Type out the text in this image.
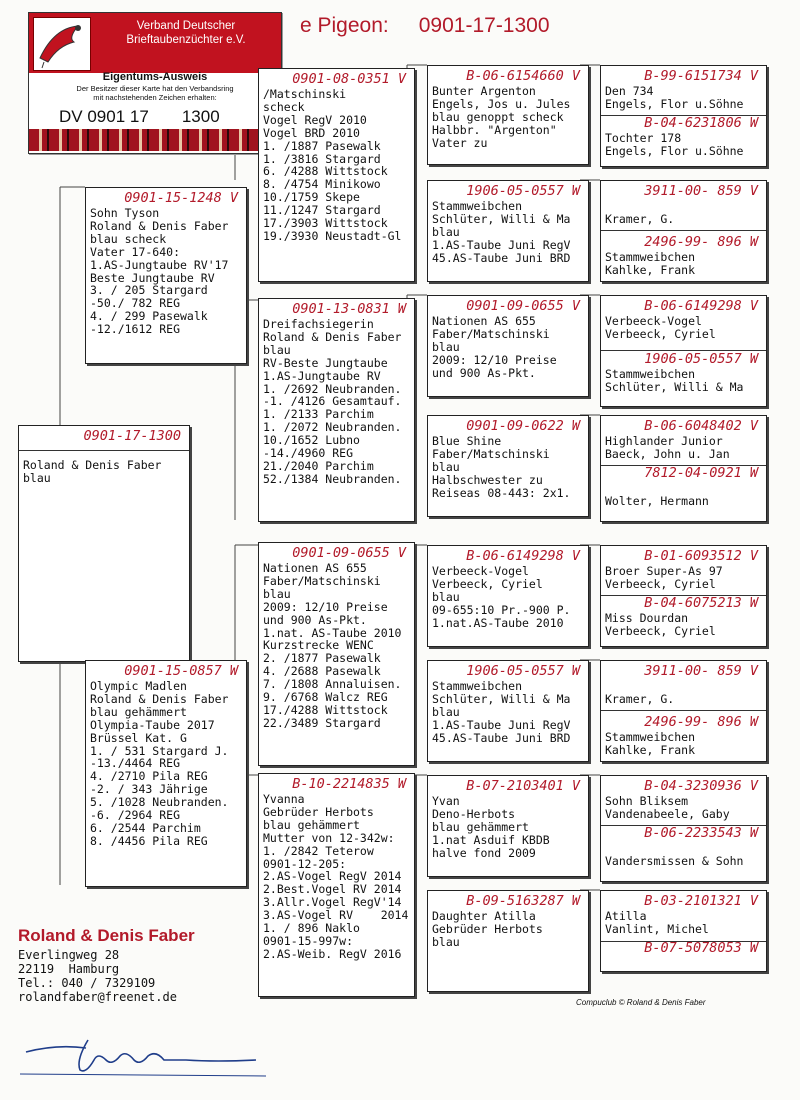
e Pigeon: 0901-17-1300
Verband Deutscher
Brieftaubenzüchter e.V.
Eigentums-Ausweis
Der Besitzer dieser Karte hat den Verbandsring
mit nachstehenden Zeichen erhalten:
DV 0901 17       1300
0901-17-1300
Roland & Denis Faber
blau
0901-15-1248 V
Sohn Tyson
Roland & Denis Faber
blau scheck
Vater 17-640:
1.AS-Jungtaube RV'17
Beste Jungtaube RV
3. / 205 Stargard
-50./ 782 REG
4. / 299 Pasewalk
-12./1612 REG
0901-15-0857 W
Olympic Madlen
Roland & Denis Faber
blau gehämmert
Olympia-Taube 2017
Brüssel Kat. G
1. / 531 Stargard J.
-13./4464 REG
4. /2710 Pila REG
-2. / 343 Jährige
5. /1028 Neubranden.
-6. /2964 REG
6. /2544 Parchim
8. /4456 Pila REG
0901-08-0351 V
/Matschinski
scheck
Vogel RegV 2010
Vogel BRD 2010
1. /1887 Pasewalk
1. /3816 Stargard
6. /4288 Wittstock
8. /4754 Minikowo
10./1759 Skepe
11./1247 Stargard
17./3903 Wittstock
19./3930 Neustadt-Gl
0901-13-0831 W
Dreifachsiegerin
Roland & Denis Faber
blau
RV-Beste Jungtaube
1.AS-Jungtaube RV
1. /2692 Neubranden.
-1. /4126 Gesamtauf.
1. /2133 Parchim
1. /2072 Neubranden.
10./1652 Lubno
-14./4960 REG
21./2040 Parchim
52./1384 Neubranden.
0901-09-0655 V
Nationen AS 655
Faber/Matschinski
blau
2009: 12/10 Preise
und 900 As-Pkt.
1.nat. AS-Taube 2010
Kurzstrecke WENC
2. /1877 Pasewalk
4. /2688 Pasewalk
7. /1808 Annaluisen.
9. /6768 Walcz REG
17./4288 Wittstock
22./3489 Stargard
B-10-2214835 W
Yvanna
Gebrüder Herbots
blau gehämmert
Mutter von 12-342w:
1. /2842 Teterow
0901-12-205:
2.AS-Vogel RegV 2014
2.Best.Vogel RV 2014
3.Allr.Vogel RegV'14
3.AS-Vogel RV    2014
1. / 896 Naklo
0901-15-997w:
2.AS-Weib. RegV 2016
B-06-6154660 V
Bunter Argenton
Engels, Jos u. Jules
blau genoppt scheck
Halbbr. "Argenton"
Vater zu
1906-05-0557 W
Stammweibchen
Schlüter, Willi & Ma
blau
1.AS-Taube Juni RegV
45.AS-Taube Juni BRD
0901-09-0655 V
Nationen AS 655
Faber/Matschinski
blau
2009: 12/10 Preise
und 900 As-Pkt.
0901-09-0622 W
Blue Shine
Faber/Matschinski
blau
Halbschwester zu
Reiseas 08-443: 2x1.
B-06-6149298 V
Verbeeck-Vogel
Verbeeck, Cyriel
blau
09-655:10 Pr.-900 P.
1.nat.AS-Taube 2010
1906-05-0557 W
Stammweibchen
Schlüter, Willi & Ma
blau
1.AS-Taube Juni RegV
45.AS-Taube Juni BRD
B-07-2103401 V
Yvan
Deno-Herbots
blau gehämmert
1.nat Asduif KBDB
halve fond 2009
B-09-5163287 W
Daughter Atilla
Gebrüder Herbots
blau
B-99-6151734 V
Den 734
Engels, Flor u.Söhne
B-04-6231806 W
Tochter 178
Engels, Flor u.Söhne
3911-00- 859 V
Kramer, G.
2496-99- 896 W
Stammweibchen
Kahlke, Frank
B-06-6149298 V
Verbeeck-Vogel
Verbeeck, Cyriel
1906-05-0557 W
Stammweibchen
Schlüter, Willi & Ma
B-06-6048402 V
Highlander Junior
Baeck, John u. Jan
7812-04-0921 W
Wolter, Hermann
B-01-6093512 V
Broer Super-As 97
Verbeeck, Cyriel
B-04-6075213 W
Miss Dourdan
Verbeeck, Cyriel
3911-00- 859 V
Kramer, G.
2496-99- 896 W
Stammweibchen
Kahlke, Frank
B-04-3230936 V
Sohn Bliksem
Vandenabeele, Gaby
B-06-2233543 W
Vandersmissen & Sohn
B-03-2101321 V
Atilla
Vanlint, Michel
B-07-5078053 W
Roland & Denis Faber
Everlingweg 28
22119  Hamburg
Tel.: 040 / 7329109
rolandfaber@freenet.de	Compuclub © Roland & Denis Faber
